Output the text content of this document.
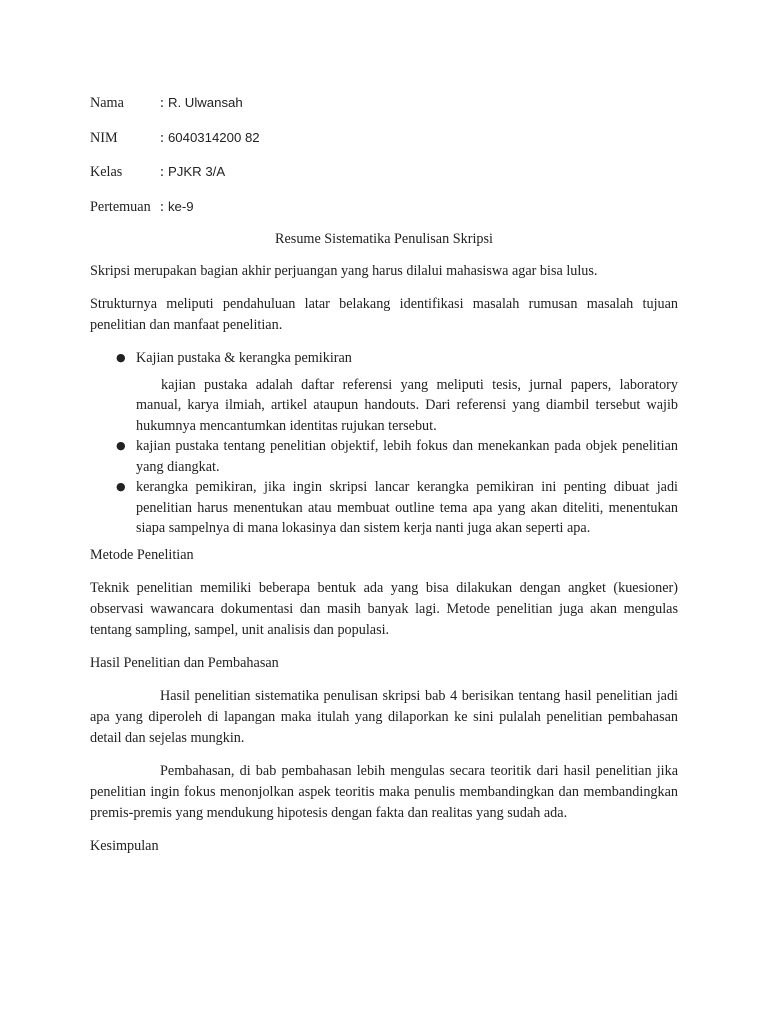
Nama	: R. Ulwansah
NIM	: 6040314200 82
Kelas	: PJKR 3/A
Pertemuan : ke-9
Resume Sistematika Penulisan Skripsi

Skripsi merupakan bagian akhir perjuangan yang harus dilalui mahasiswa agar bisa lulus.

Strukturnya meliputi pendahuluan latar belakang identifikasi masalah rumusan masalah tujuan penelitian dan manfaat penelitian.

● Kajian pustaka & kerangka pemikiran
kajian pustaka adalah daftar referensi yang meliputi tesis, jurnal papers, laboratory manual, karya ilmiah, artikel ataupun handouts. Dari referensi yang diambil tersebut wajib hukumnya mencantumkan identitas rujukan tersebut.
● kajian pustaka tentang penelitian objektif, lebih fokus dan menekankan pada objek penelitian yang diangkat.
● kerangka pemikiran, jika ingin skripsi lancar kerangka pemikiran ini penting dibuat jadi penelitian harus menentukan atau membuat outline tema apa yang akan diteliti, menentukan siapa sampelnya di mana lokasinya dan sistem kerja nanti juga akan seperti apa.
Metode Penelitian

Teknik penelitian memiliki beberapa bentuk ada yang bisa dilakukan dengan angket (kuesioner) observasi wawancara dokumentasi dan masih banyak lagi. Metode penelitian juga akan mengulas tentang sampling, sampel, unit analisis dan populasi.

Hasil Penelitian dan Pembahasan

Hasil penelitian sistematika penulisan skripsi bab 4 berisikan tentang hasil penelitian jadi apa yang diperoleh di lapangan maka itulah yang dilaporkan ke sini pulalah penelitian pembahasan detail dan sejelas mungkin.

Pembahasan, di bab pembahasan lebih mengulas secara teoritik dari hasil penelitian jika penelitian ingin fokus menonjolkan aspek teoritis maka penulis membandingkan dan membandingkan premis-premis yang mendukung hipotesis dengan fakta dan realitas yang sudah ada.

Kesimpulan
